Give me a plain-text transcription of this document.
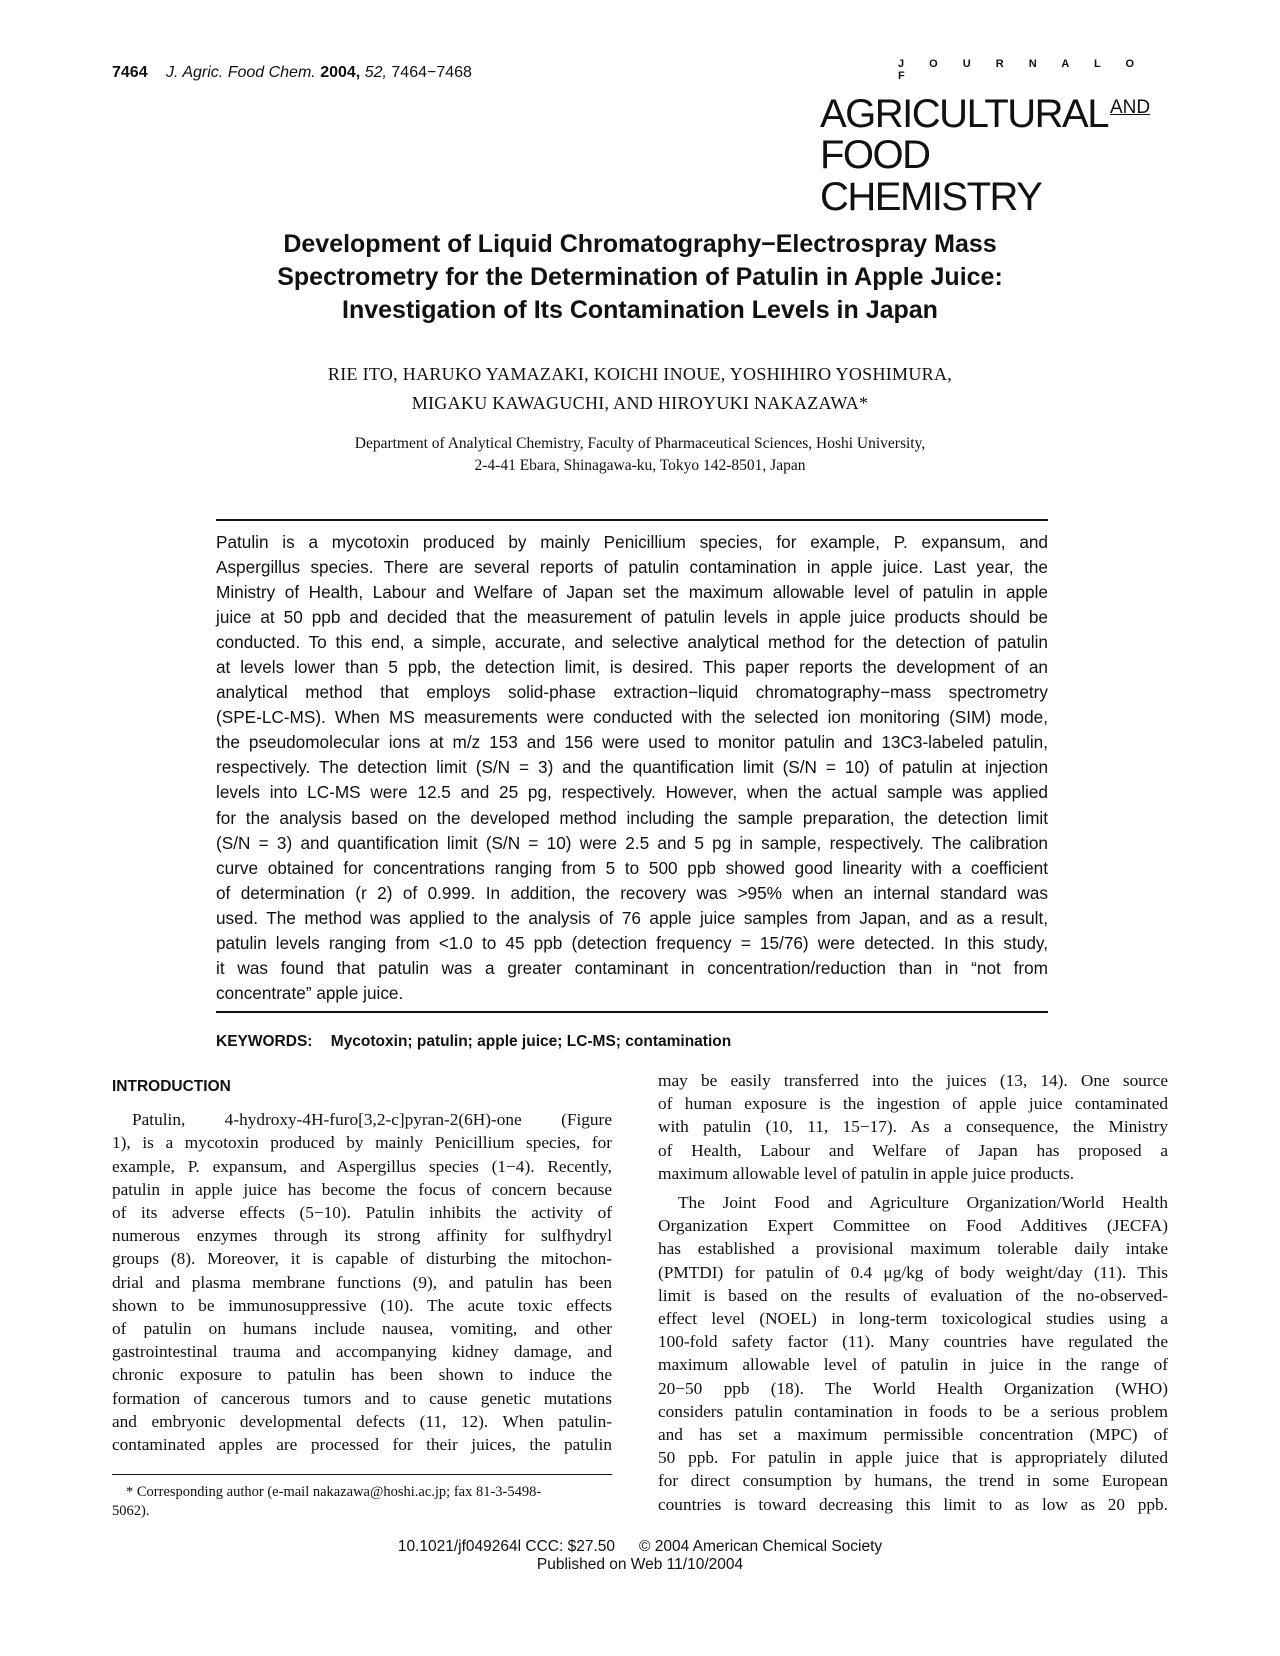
7464 J. Agric. Food Chem. 2004, 52, 7464−7468	J O U R N A L O F
AGRICULTURAL $^{AND}$
FOOD CHEMISTRY
Development of Liquid Chromatography−Electrospray Mass
Spectrometry for the Determination of Patulin in Apple Juice:
Investigation of Its Contamination Levels in Japan
RIE ITO, HARUKO YAMAZAKI, KOICHI INOUE, YOSHIHIRO YOSHIMURA,
MIGAKU KAWAGUCHI, AND HIROYUKI NAKAZAWA*
Department of Analytical Chemistry, Faculty of Pharmaceutical Sciences, Hoshi University,
2-4-41 Ebara, Shinagawa-ku, Tokyo 142-8501, Japan
Patulin is a mycotoxin produced by mainly Penicillium species, for example, P. expansum, and
Aspergillus species. There are several reports of patulin contamination in apple juice. Last year, the
Ministry of Health, Labour and Welfare of Japan set the maximum allowable level of patulin in apple
juice at 50 ppb and decided that the measurement of patulin levels in apple juice products should be
conducted. To this end, a simple, accurate, and selective analytical method for the detection of patulin
at levels lower than 5 ppb, the detection limit, is desired. This paper reports the development of an
analytical method that employs solid-phase extraction−liquid chromatography−mass spectrometry
(SPE-LC-MS). When MS measurements were conducted with the selected ion monitoring (SIM) mode,
the pseudomolecular ions at m/z 153 and 156 were used to monitor patulin and 13C3-labeled patulin,
respectively. The detection limit (S/N = 3) and the quantification limit (S/N = 10) of patulin at injection
levels into LC-MS were 12.5 and 25 pg, respectively. However, when the actual sample was applied
for the analysis based on the developed method including the sample preparation, the detection limit
(S/N = 3) and quantification limit (S/N = 10) were 2.5 and 5 pg in sample, respectively. The calibration
curve obtained for concentrations ranging from 5 to 500 ppb showed good linearity with a coefficient
of determination (r 2) of 0.999. In addition, the recovery was >95% when an internal standard was
used. The method was applied to the analysis of 76 apple juice samples from Japan, and as a result,
patulin levels ranging from <1.0 to 45 ppb (detection frequency = 15/76) were detected. In this study,
it was found that patulin was a greater contaminant in concentration/reduction than in “not from
concentrate” apple juice.
KEYWORDS: Mycotoxin; patulin; apple juice; LC-MS; contamination
INTRODUCTION
Patulin, 4-hydroxy-4H-furo[3,2-c]pyran-2(6H)-one (Figure
1), is a mycotoxin produced by mainly Penicillium species, for
example, P. expansum, and Aspergillus species (1−4). Recently,
patulin in apple juice has become the focus of concern because
of its adverse effects (5−10). Patulin inhibits the activity of
numerous enzymes through its strong affinity for sulfhydryl
groups (8). Moreover, it is capable of disturbing the mitochon-
drial and plasma membrane functions (9), and patulin has been
shown to be immunosuppressive (10). The acute toxic effects
of patulin on humans include nausea, vomiting, and other
gastrointestinal trauma and accompanying kidney damage, and
chronic exposure to patulin has been shown to induce the
formation of cancerous tumors and to cause genetic mutations
and embryonic developmental defects (11, 12). When patulin-
contaminated apples are processed for their juices, the patulin
may be easily transferred into the juices (13, 14). One source
of human exposure is the ingestion of apple juice contaminated
with patulin (10, 11, 15−17). As a consequence, the Ministry
of Health, Labour and Welfare of Japan has proposed a
maximum allowable level of patulin in apple juice products.
The Joint Food and Agriculture Organization/World Health
Organization Expert Committee on Food Additives (JECFA)
has established a provisional maximum tolerable daily intake
(PMTDI) for patulin of 0.4 μg/kg of body weight/day (11). This
limit is based on the results of evaluation of the no-observed-
effect level (NOEL) in long-term toxicological studies using a
100-fold safety factor (11). Many countries have regulated the
maximum allowable level of patulin in juice in the range of
20−50 ppb (18). The World Health Organization (WHO)
considers patulin contamination in foods to be a serious problem
and has set a maximum permissible concentration (MPC) of
50 ppb. For patulin in apple juice that is appropriately diluted
for direct consumption by humans, the trend in some European
countries is toward decreasing this limit to as low as 20 ppb.
* Corresponding author (e-mail nakazawa@hoshi.ac.jp; fax 81-3-5498-
5062).
10.1021/jf049264l CCC: $27.50 © 2004 American Chemical Society
Published on Web 11/10/2004
